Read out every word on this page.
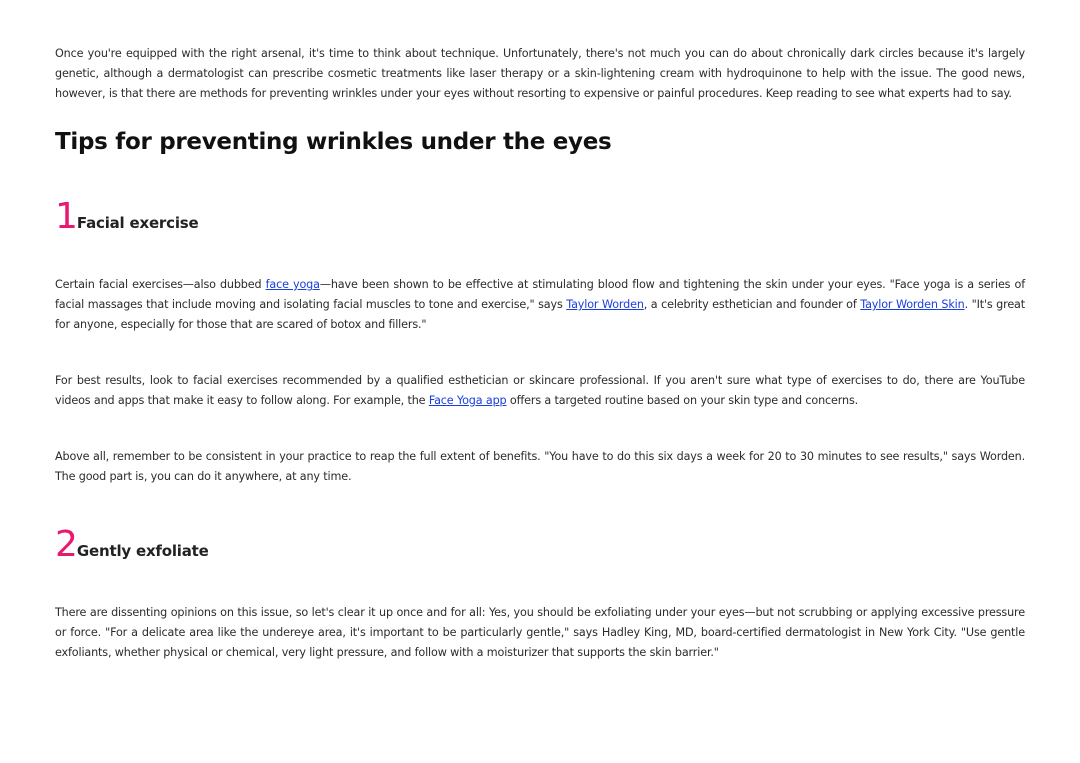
Once you're equipped with the right arsenal, it's time to think about technique. Unfortunately, there's not much you can do about chronically dark circles because it's largely genetic, although a dermatologist can prescribe cosmetic treatments like laser therapy or a skin-lightening cream with hydroquinone to help with the issue. The good news, however, is that there are methods for preventing wrinkles under your eyes without resorting to expensive or painful procedures. Keep reading to see what experts had to say.

Tips for preventing wrinkles under the eyes
1 Facial exercise

Certain facial exercises—also dubbed face yoga—have been shown to be effective at stimulating blood flow and tightening the skin under your eyes. "Face yoga is a series of facial massages that include moving and isolating facial muscles to tone and exercise," says Taylor Worden, a celebrity esthetician and founder of Taylor Worden Skin. "It's great for anyone, especially for those that are scared of botox and fillers."

For best results, look to facial exercises recommended by a qualified esthetician or skincare professional. If you aren't sure what type of exercises to do, there are YouTube videos and apps that make it easy to follow along. For example, the Face Yoga app offers a targeted routine based on your skin type and concerns.

Above all, remember to be consistent in your practice to reap the full extent of benefits. "You have to do this six days a week for 20 to 30 minutes to see results," says Worden. The good part is, you can do it anywhere, at any time.

2 Gently exfoliate

There are dissenting opinions on this issue, so let's clear it up once and for all: Yes, you should be exfoliating under your eyes—but not scrubbing or applying excessive pressure or force. "For a delicate area like the undereye area, it's important to be particularly gentle," says Hadley King, MD, board-certified dermatologist in New York City. "Use gentle exfoliants, whether physical or chemical, very light pressure, and follow with a moisturizer that supports the skin barrier."
